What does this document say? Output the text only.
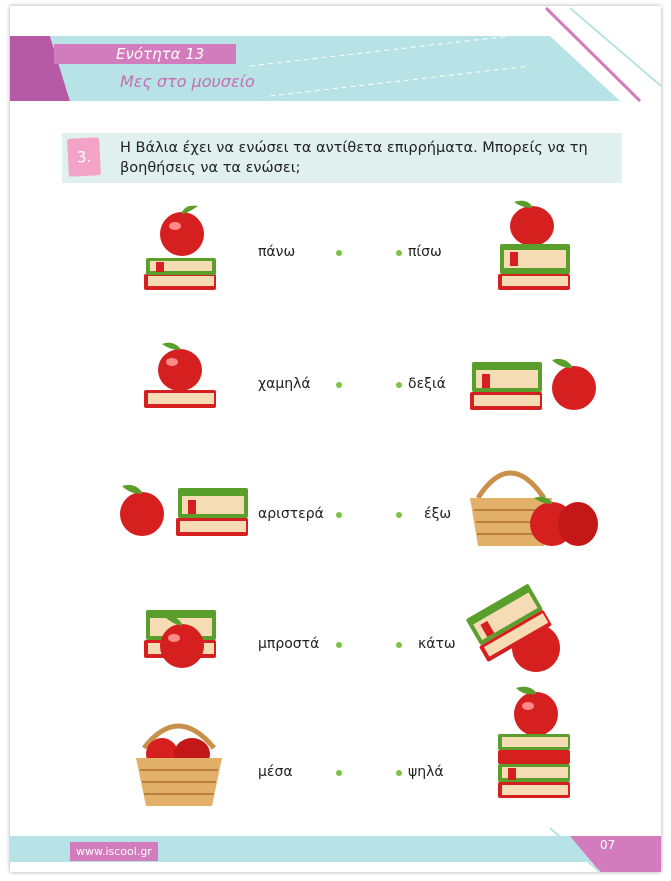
Ενότητα 13
Μες στο μουσείο
3.	Η Βάλια έχει να ενώσει τα αντίθετα επιρρήματα. Μπορείς να τη βοηθήσεις να τα ενώσει;
πάνω	πίσω
χαμηλά	δεξιά
αριστερά	έξω
μπροστά	κάτω
μέσα	ψηλά
www.iscool.gr	07
